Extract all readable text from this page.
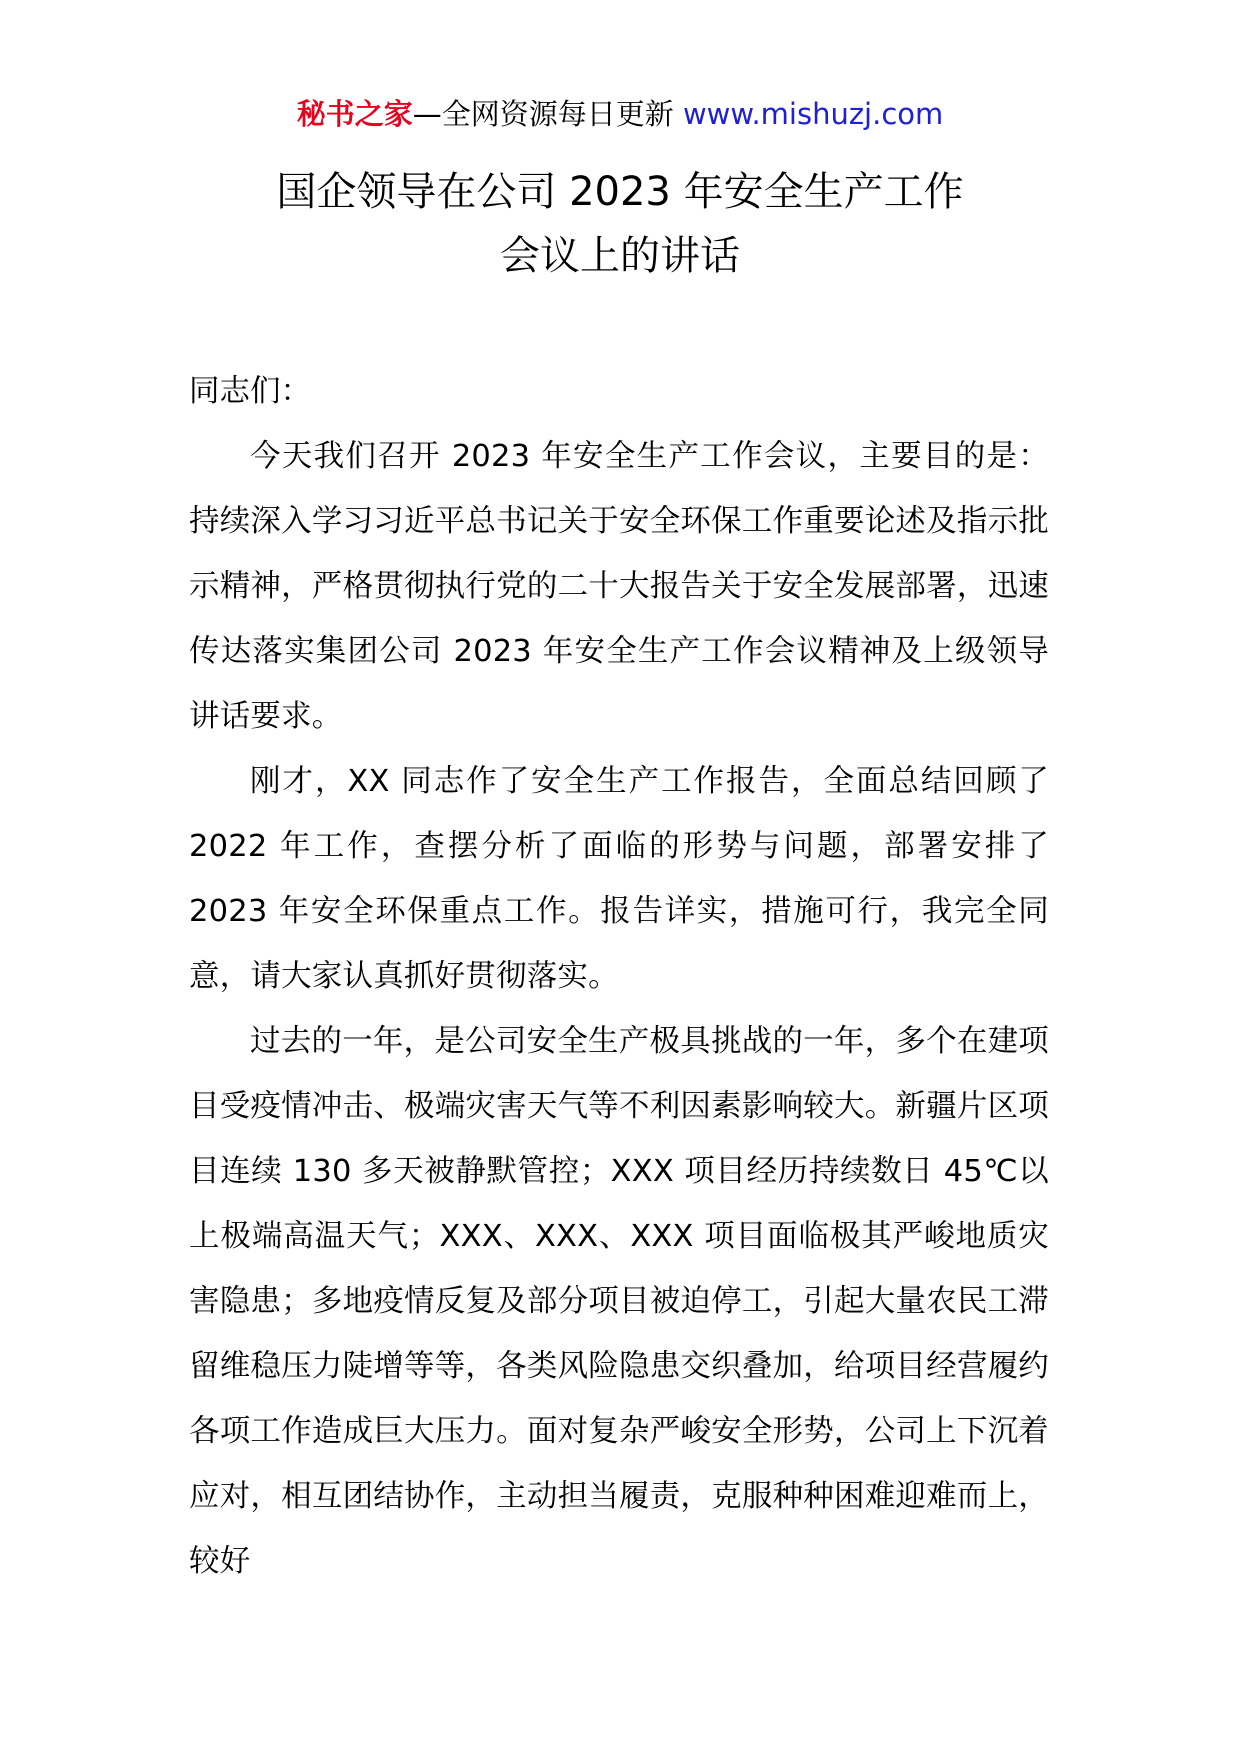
秘书之家—全网资源每日更新 www.mishuzj.com
国企领导在公司 2023 年安全生产工作
会议上的讲话
同志们：

今天我们召开 2023 年安全生产工作会议，主要目的是：持续深入学习习近平总书记关于安全环保工作重要论述及指示批示精神，严格贯彻执行党的二十大报告关于安全发展部署，迅速传达落实集团公司 2023 年安全生产工作会议精神及上级领导讲话要求。

刚才，XX 同志作了安全生产工作报告，全面总结回顾了 2022 年工作，查摆分析了面临的形势与问题，部署安排了 2023 年安全环保重点工作。报告详实，措施可行，我完全同意，请大家认真抓好贯彻落实。

过去的一年，是公司安全生产极具挑战的一年，多个在建项目受疫情冲击、极端灾害天气等不利因素影响较大。新疆片区项目连续 130 多天被静默管控；XXX 项目经历持续数日 45℃以上极端高温天气；XXX、XXX、XXX 项目面临极其严峻地质灾害隐患；多地疫情反复及部分项目被迫停工，引起大量农民工滞留维稳压力陡增等等，各类风险隐患交织叠加，给项目经营履约各项工作造成巨大压力。面对复杂严峻安全形势，公司上下沉着应对，相互团结协作，主动担当履责，克服种种困难迎难而上，较好
